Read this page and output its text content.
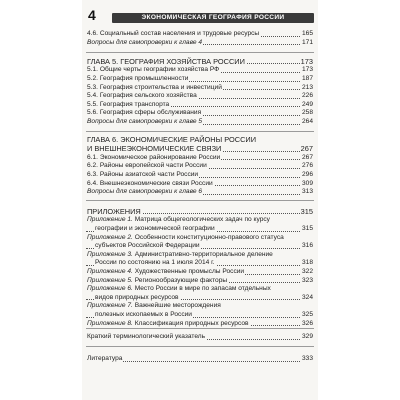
4	ЭКОНОМИЧЕСКАЯ ГЕОГРАФИЯ РОССИИ
4.6. Социальный состав населения и трудовые ресурсы	165
Вопросы для самопроверки к главе 4	171
ГЛАВА 5. ГЕОГРАФИЯ ХОЗЯЙСТВА РОССИИ	173
5.1. Общие черты географии хозяйства РФ	173
5.2. География промышленности	187
5.3. География строительства и инвестиций	213
5.4. География сельского хозяйства	226
5.5. География транспорта	249
5.6. География сферы обслуживания	258
Вопросы для самопроверки к главе 5	264
ГЛАВА 6. ЭКОНОМИЧЕСКИЕ РАЙОНЫ РОССИИ
И ВНЕШНЕЭКОНОМИЧЕСКИЕ СВЯЗИ	267
6.1. Экономическое районирование России	267
6.2. Районы европейской части России	276
6.3. Районы азиатской части России	296
6.4. Внешнеэкономические связи России	309
Вопросы для самопроверки к главе 6	313
ПРИЛОЖЕНИЯ	315
Приложение 1. Матрица общегеологических задач по курсу
географии и экономической географии	315
Приложение 2. Особенности конституционно-правового статуса
субъектов Российской Федерации	316
Приложение 3. Административно-территориальное деление
России по состоянию на 1 июля 2014 г.	318
Приложение 4. Художественные промыслы России	322
Приложение 5. Регионообразующие факторы	323
Приложение 6. Место России в мире по запасам отдельных
видов природных ресурсов	324
Приложение 7. Важнейшие месторождения
полезных ископаемых в России	325
Приложение 8. Классификация природных ресурсов	326
Краткий терминологический указатель	329
Литература	333
